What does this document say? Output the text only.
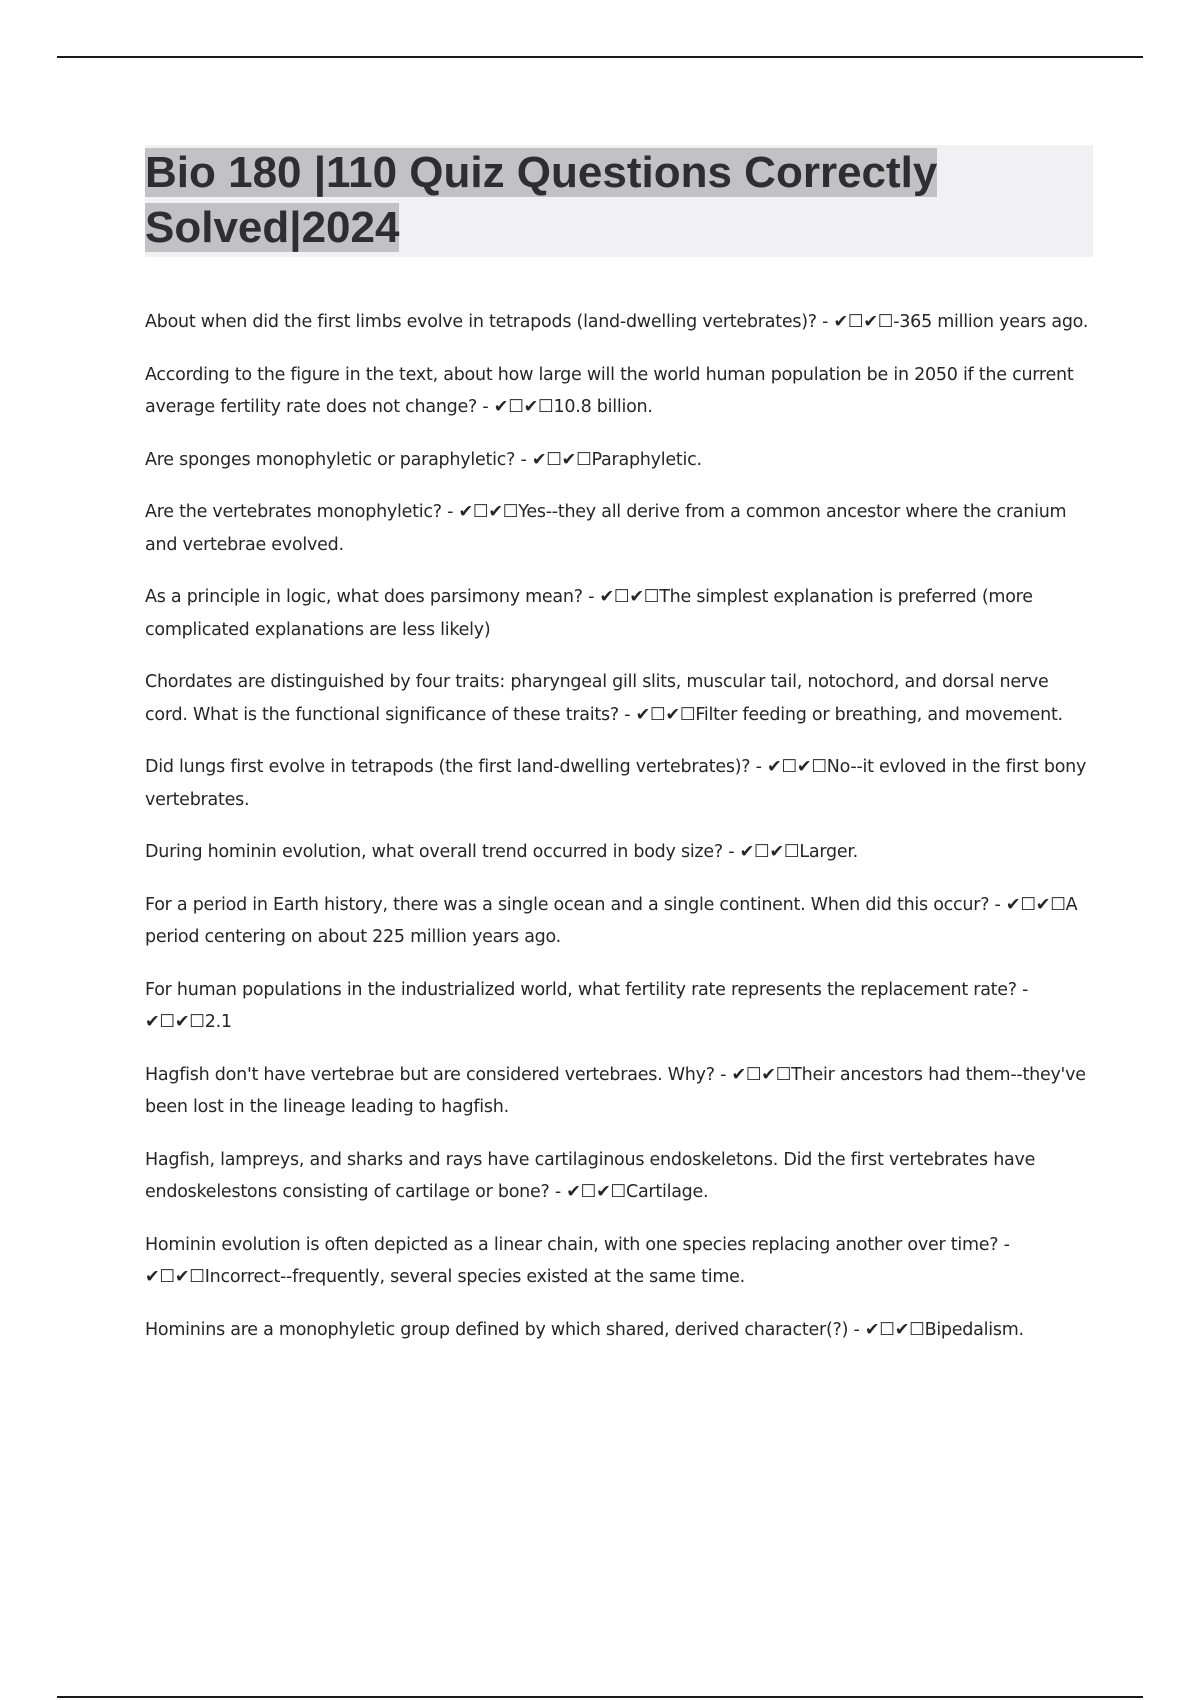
Bio 180 |110 Quiz Questions Correctly
Solved|2024
About when did the first limbs evolve in tetrapods (land-dwelling vertebrates)? - ✔☐✔☐-365 million years ago.
According to the figure in the text, about how large will the world human population be in 2050 if the current average fertility rate does not change? - ✔☐✔☐10.8 billion.
Are sponges monophyletic or paraphyletic? - ✔☐✔☐Paraphyletic.
Are the vertebrates monophyletic? - ✔☐✔☐Yes--they all derive from a common ancestor where the cranium and vertebrae evolved.
As a principle in logic, what does parsimony mean? - ✔☐✔☐The simplest explanation is preferred (more complicated explanations are less likely)
Chordates are distinguished by four traits: pharyngeal gill slits, muscular tail, notochord, and dorsal nerve cord. What is the functional significance of these traits? - ✔☐✔☐Filter feeding or breathing, and movement.
Did lungs first evolve in tetrapods (the first land-dwelling vertebrates)? - ✔☐✔☐No--it evloved in the first bony vertebrates.
During hominin evolution, what overall trend occurred in body size? - ✔☐✔☐Larger.
For a period in Earth history, there was a single ocean and a single continent. When did this occur? - ✔☐✔☐A period centering on about 225 million years ago.
For human populations in the industrialized world, what fertility rate represents the replacement rate? - ✔☐✔☐2.1
Hagfish don't have vertebrae but are considered vertebraes. Why? - ✔☐✔☐Their ancestors had them--they've been lost in the lineage leading to hagfish.
Hagfish, lampreys, and sharks and rays have cartilaginous endoskeletons. Did the first vertebrates have endoskelestons consisting of cartilage or bone? - ✔☐✔☐Cartilage.
Hominin evolution is often depicted as a linear chain, with one species replacing another over time? - ✔☐✔☐Incorrect--frequently, several species existed at the same time.
Hominins are a monophyletic group defined by which shared, derived character(?) - ✔☐✔☐Bipedalism.
